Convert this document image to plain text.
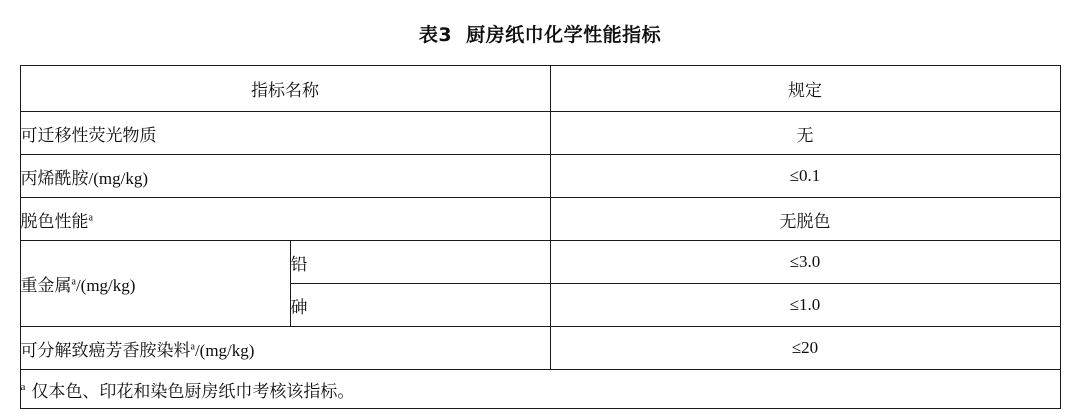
表3 厨房纸巾化学性能指标
指标名称		规定
可迁移性荧光物质		无
丙烯酰胺/(mg/kg)		≤0.1
脱色性能$^a$		无脱色
重金属$^a$/(mg/kg)	铅	≤3.0
	砷	≤1.0
可分解致癌芳香胺染料$^a$/(mg/kg)		≤20
$^a$ 仅本色、印花和染色厨房纸巾考核该指标。		
